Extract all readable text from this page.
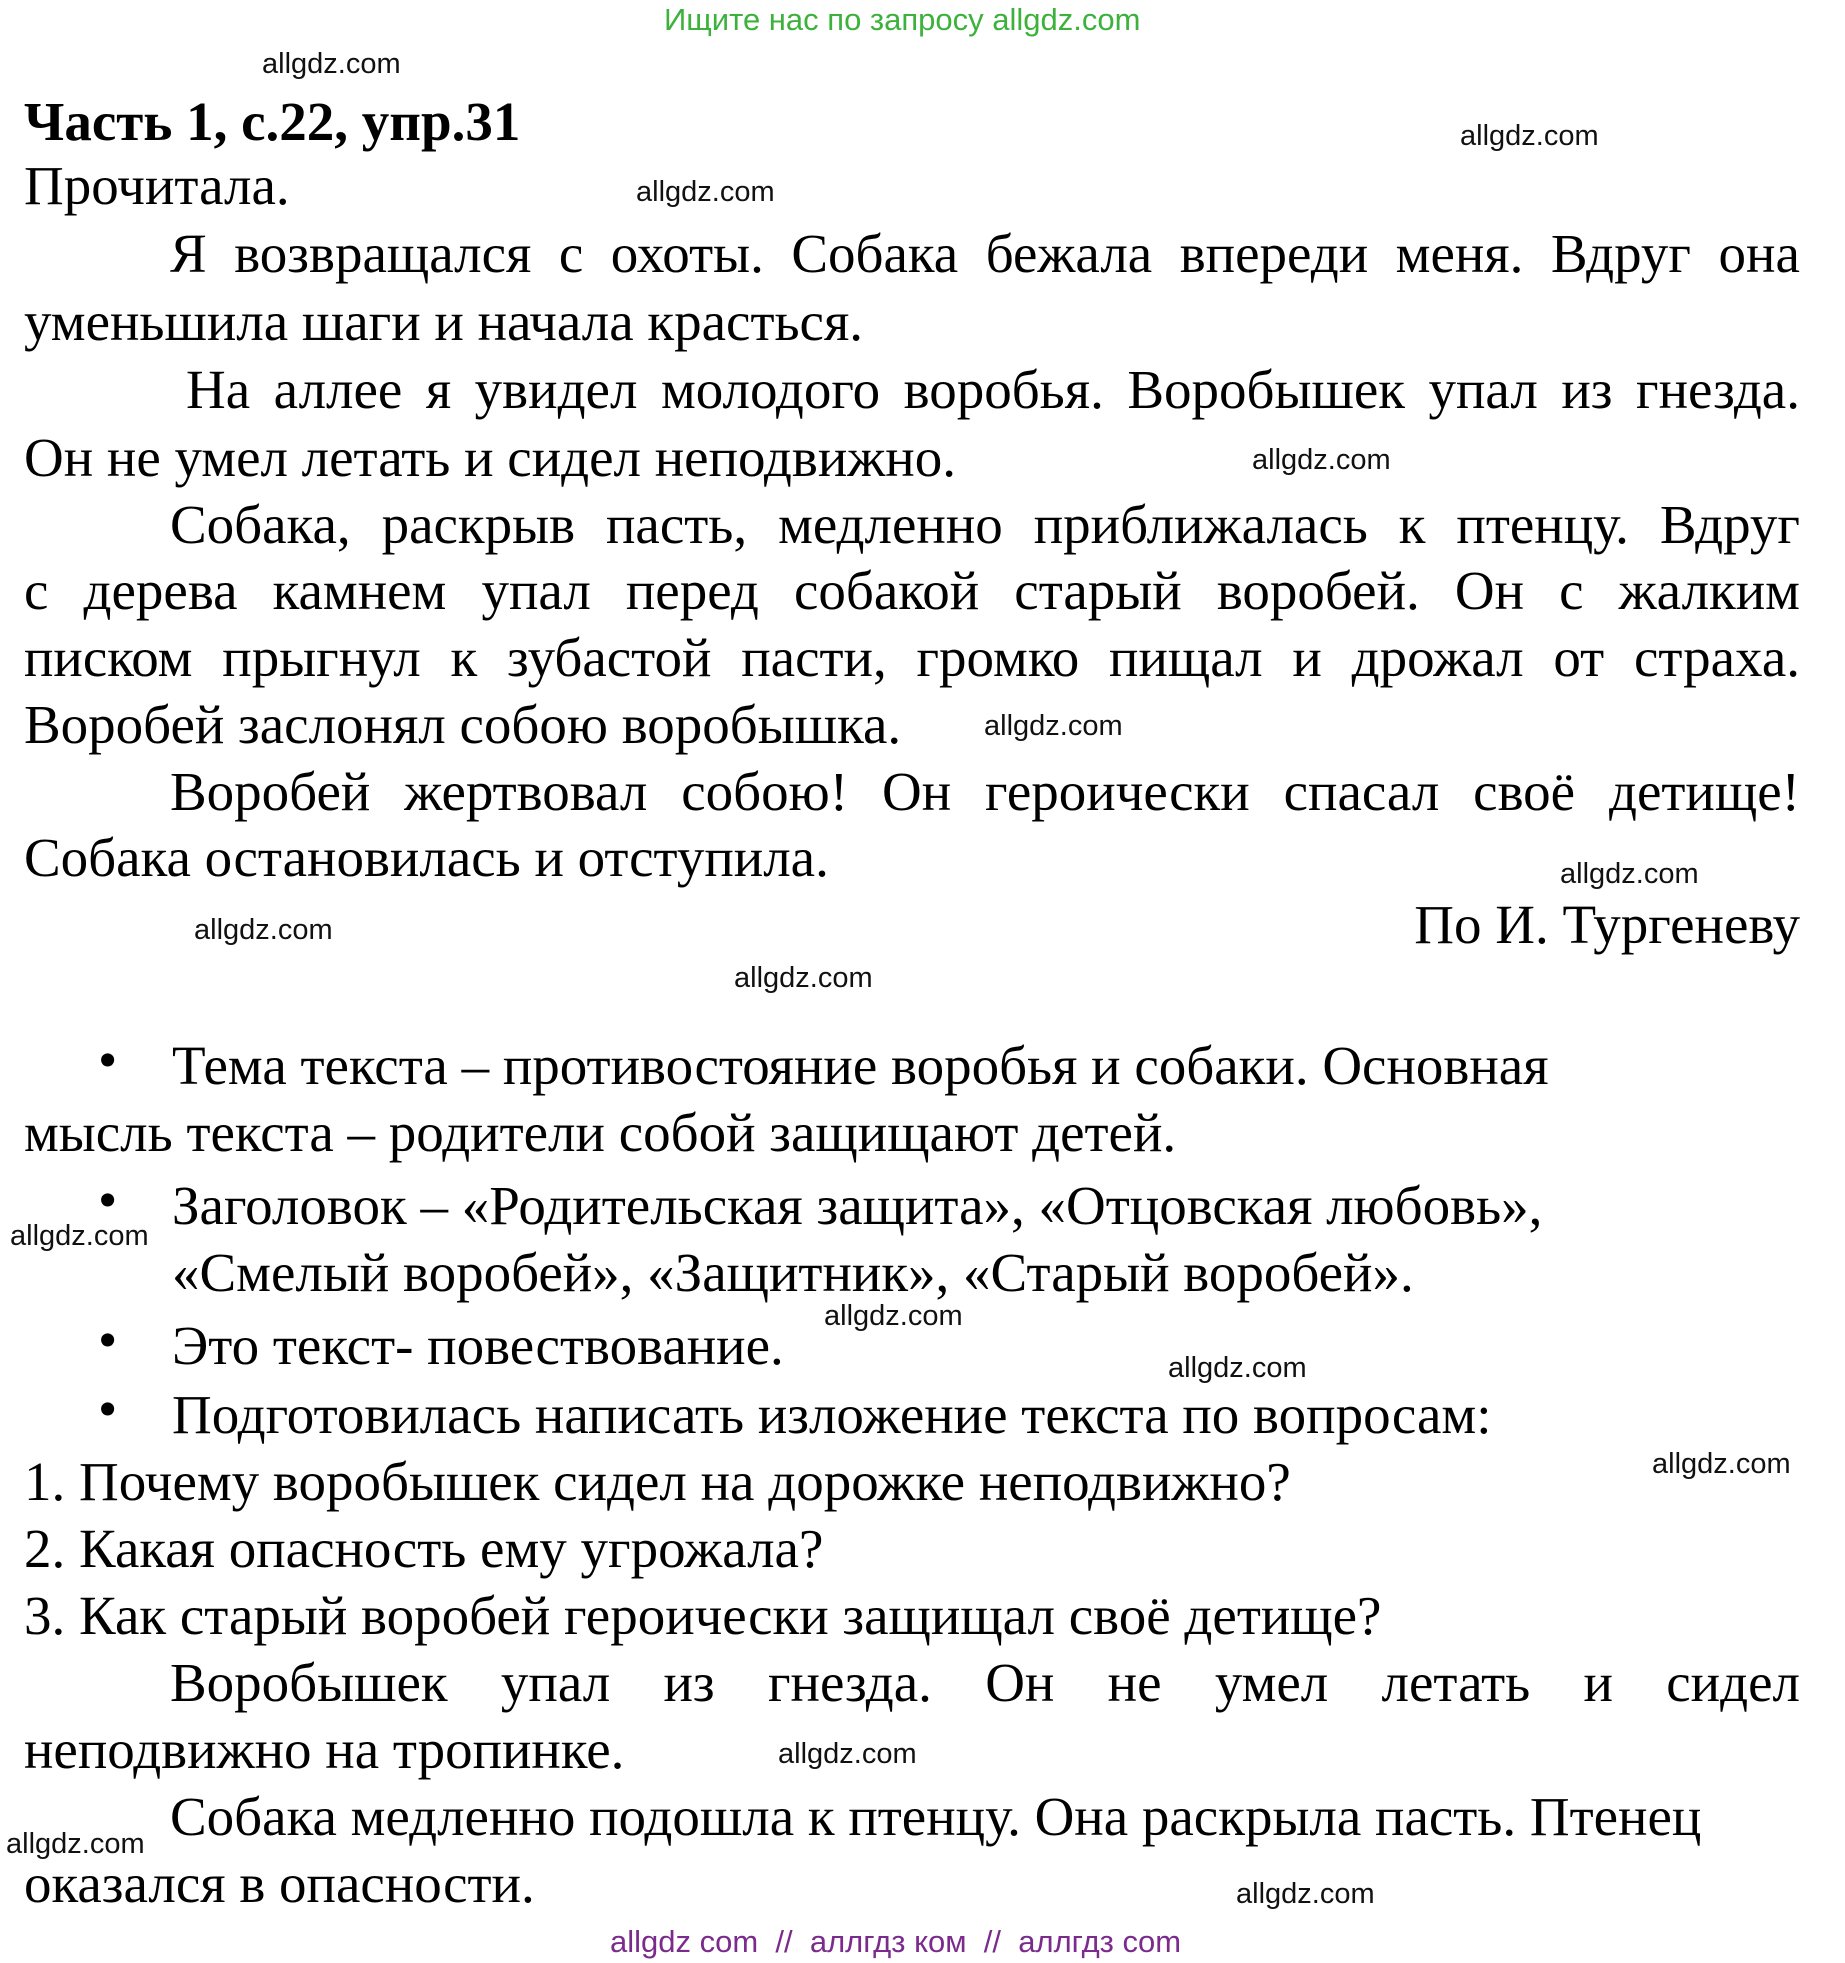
Ищите нас по запросу allgdz.com
Часть 1, с.22, упр.31
Прочитала.
Я возвращался с охоты. Собака бежала впереди меня. Вдруг она
уменьшила шаги и начала красться.
На аллее я увидел молодого воробья. Воробышек упал из гнезда.
Он не умел летать и сидел неподвижно.
Собака, раскрыв пасть, медленно приближалась к птенцу. Вдруг
с дерева камнем упал перед собакой старый воробей. Он с жалким
писком прыгнул к зубастой пасти, громко пищал и дрожал от страха.
Воробей заслонял собою воробышка.
Воробей жертвовал собою! Он героически спасал своё детище!
Собака остановилась и отступила.
По И. Тургеневу
• Тема текста – противостояние воробья и собаки. Основная
мысль текста – родители собой защищают детей.
• Заголовок – «Родительская защита», «Отцовская любовь»,
«Смелый воробей», «Защитник», «Старый воробей».
• Это текст- повествование.
• Подготовилась написать изложение текста по вопросам:
1. Почему воробышек сидел на дорожке неподвижно?
2. Какая опасность ему угрожала?
3. Как старый воробей героически защищал своё детище?
Воробышек упал из гнезда. Он не умел летать и сидел
неподвижно на тропинке.
Собака медленно подошла к птенцу. Она раскрыла пасть. Птенец
оказался в опасности.
allgdz.com
allgdz.com
allgdz.com
allgdz.com
allgdz.com
allgdz.com
allgdz.com
allgdz.com
allgdz.com
allgdz.com
allgdz.com
allgdz.com
allgdz.com
allgdz.com
allgdz.com
allgdz com  //  аллгдз ком  //  аллгдз com
